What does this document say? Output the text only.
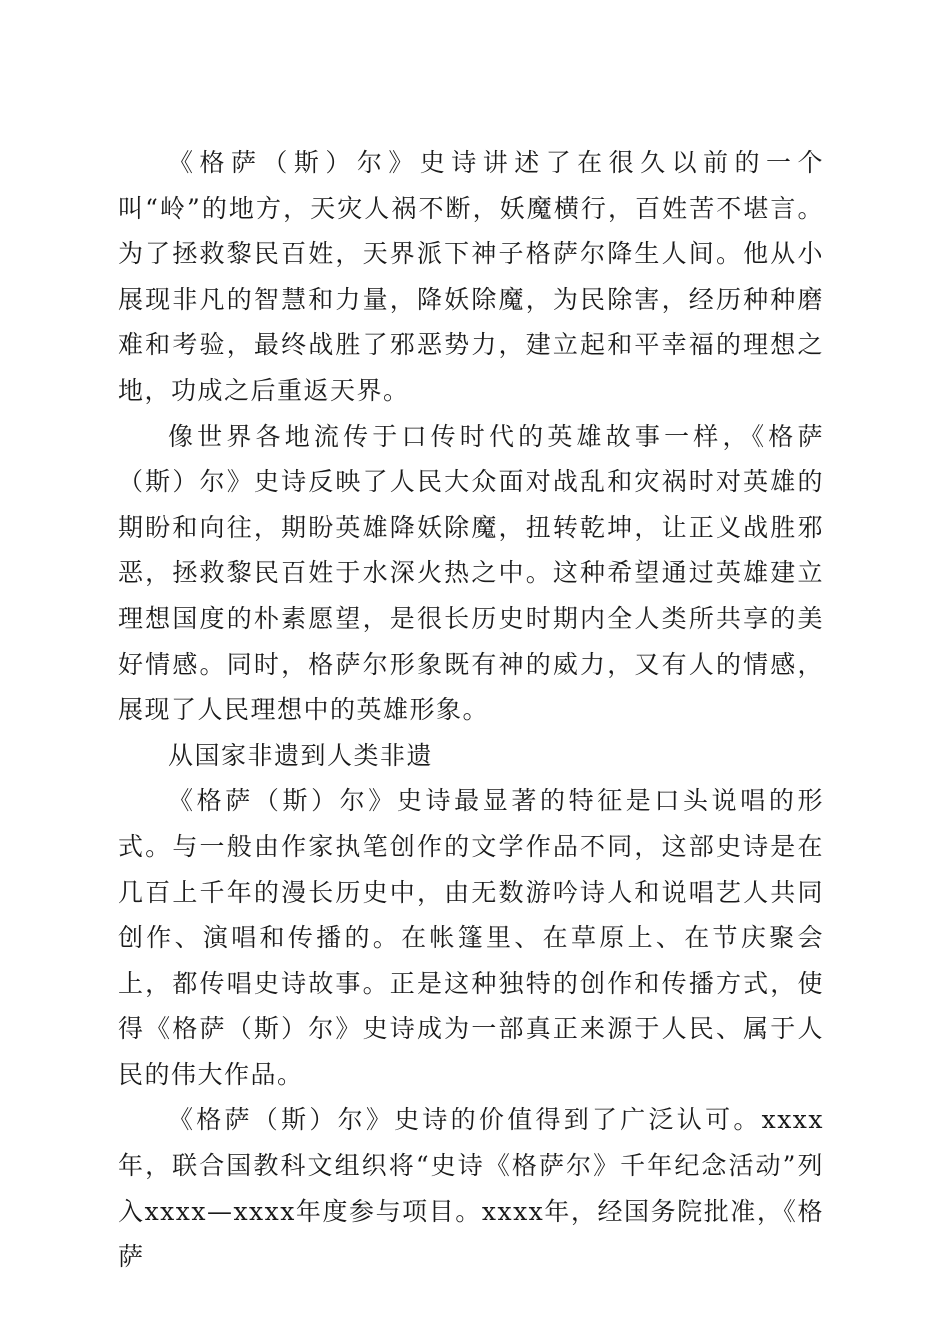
《格萨（斯）尔》史诗讲述了在很久以前的一个叫“岭”的地方，天灾人祸不断，妖魔横行，百姓苦不堪言。为了拯救黎民百姓，天界派下神子格萨尔降生人间。他从小展现非凡的智慧和力量，降妖除魔，为民除害，经历种种磨难和考验，最终战胜了邪恶势力，建立起和平幸福的理想之地，功成之后重返天界。

像世界各地流传于口传时代的英雄故事一样，《格萨（斯）尔》史诗反映了人民大众面对战乱和灾祸时对英雄的期盼和向往，期盼英雄降妖除魔，扭转乾坤，让正义战胜邪恶，拯救黎民百姓于水深火热之中。这种希望通过英雄建立理想国度的朴素愿望，是很长历史时期内全人类所共享的美好情感。同时，格萨尔形象既有神的威力，又有人的情感，展现了人民理想中的英雄形象。

从国家非遗到人类非遗

《格萨（斯）尔》史诗最显著的特征是口头说唱的形式。与一般由作家执笔创作的文学作品不同，这部史诗是在几百上千年的漫长历史中，由无数游吟诗人和说唱艺人共同创作、演唱和传播的。在帐篷里、在草原上、在节庆聚会上，都传唱史诗故事。正是这种独特的创作和传播方式，使得《格萨（斯）尔》史诗成为一部真正来源于人民、属于人民的伟大作品。

《格萨（斯）尔》史诗的价值得到了广泛认可。xxxx年，联合国教科文组织将“史诗《格萨尔》千年纪念活动”列入xxxx—xxxx年度参与项目。xxxx年，经国务院批准，《格萨
